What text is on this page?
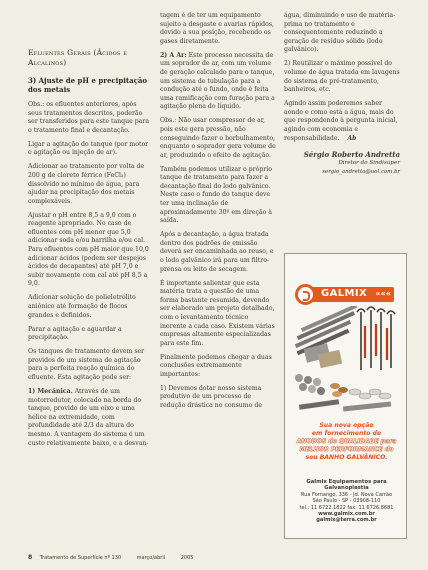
Efluentes Gerais (Ácidos e Alcalinos)
3) Ajuste de pH e precipitação dos metais

Obs.: os efluentes anteriores, após seus tratamentos descritos, poderão ser transferidos para este tanque para o tratamento final e decantação.

Ligar a agitação do tanque (por motor e agitação ou injeção de ar).

Adicionar ao tratamento por volta de 200 g de cloreto férrico (FeCl₃) dissolvido no mínimo de água, para ajudar na precipitação dos metais complexáveis.

Ajustar o pH entre 8,5 a 9,0 com o reagente apropriado. No caso de efluentes com pH menor que 5,0 adicionar soda e/ou barrilha e/ou cal. Para efluentes com pH maior que 10,0 adicionar ácidos (podem ser despejos ácidos de decapantes) até pH 7,0 e subir novamente com cal até pH 8,5 a 9,0.

Adicionar solução de polieletrólito aniônico até formação de flocos grandes e definidos.

Parar a agitação e aguardar a precipitação.

Os tanques de tratamento devem ser providos de um sistema de agitação para a perfeita reação química do efluente. Esta agitação pode ser:

1) Mecânica. Através de um motorredutor, colocado na borda do tanque, provido de um eixo e uma hélice na extremidade, com profundidade até 2/3 da altura do mesmo. A vantagem do sistema é um custo relativamente baixo, e a desvan-

tagem é de ter um equipamento sujeito a desgaste e avarias rápidos, devido a sua posição, recebendo os gases diretamente.

2) A Ar: Este processo necessita de um soprador de ar, com um volume de geração calculado para o tanque, um sistema de tubulação para a condução até o fundo, onde é feita uma ramificação com furação para a agitação plena do líquido.

Obs.: Não usar compressor de ar, pois este gera pressão, não conseguindo fazer o borbulhamento, enquanto o soprador gera volume de ar, produzindo o efeito de agitação.

Também podemos utilizar o próprio tanque de tratamento para fazer a decantação final do lodo galvânico. Neste caso o fundo do tanque deve ter uma inclinação de aproximadamente 30º em direção à saída.

Após a decantação, a água tratada dentro dos padrões de emissão deverá ser encaminhada ao reuso, e o lodo galvânico irá para um filtro-prensa ou leito de secagem.

É importante salientar que esta matéria trata a questão de uma forma bastante resumida, devendo ser elaborado um projeto detalhado, com o levantamento técnico inerente a cada caso. Existem várias empresas altamente especializadas para este fim.

Finalmente podemos chegar a duas conclusões extremamente importantes:

1) Devemos dotar nosso sistema produtivo de um processo de redução drástica no consumo de

água, diminuindo o uso de matéria-prima no tratamento e consequentemente reduzindo a geração de resíduo sólido (lodo galvânico).

2) Reutilizar o máximo possível do volume de água tratada em lavagens do sistema de pré-tratamento, banheiros, etc.

Agindo assim poderemos saber aonde e como está a água, mais do que respondendo à pergunta inicial, agindo com economia e responsabilidade. Ab

Sérgio Roberto Andretta
Diretor do Sindisuper
sergio_andretta@uol.com.br
GALMIX «««
Sua nova opção
em fornecimento de
ANODOS de QUALIDADE para
MELHOR PERFORMANCE do
seu BANHO GALVÂNICO.
Galmix Equipamentos para Galvanoplastia
Rua Fornango, 336 - Jd. Nova Carrão
São Paulo - SP - 03908-110
tel.: 11 6722.1822 fax: 11 6726.8681
www.galmix.com.br galmix@terra.com.br
8 Tratamento de Superfície nº 130	março/abril	2005
